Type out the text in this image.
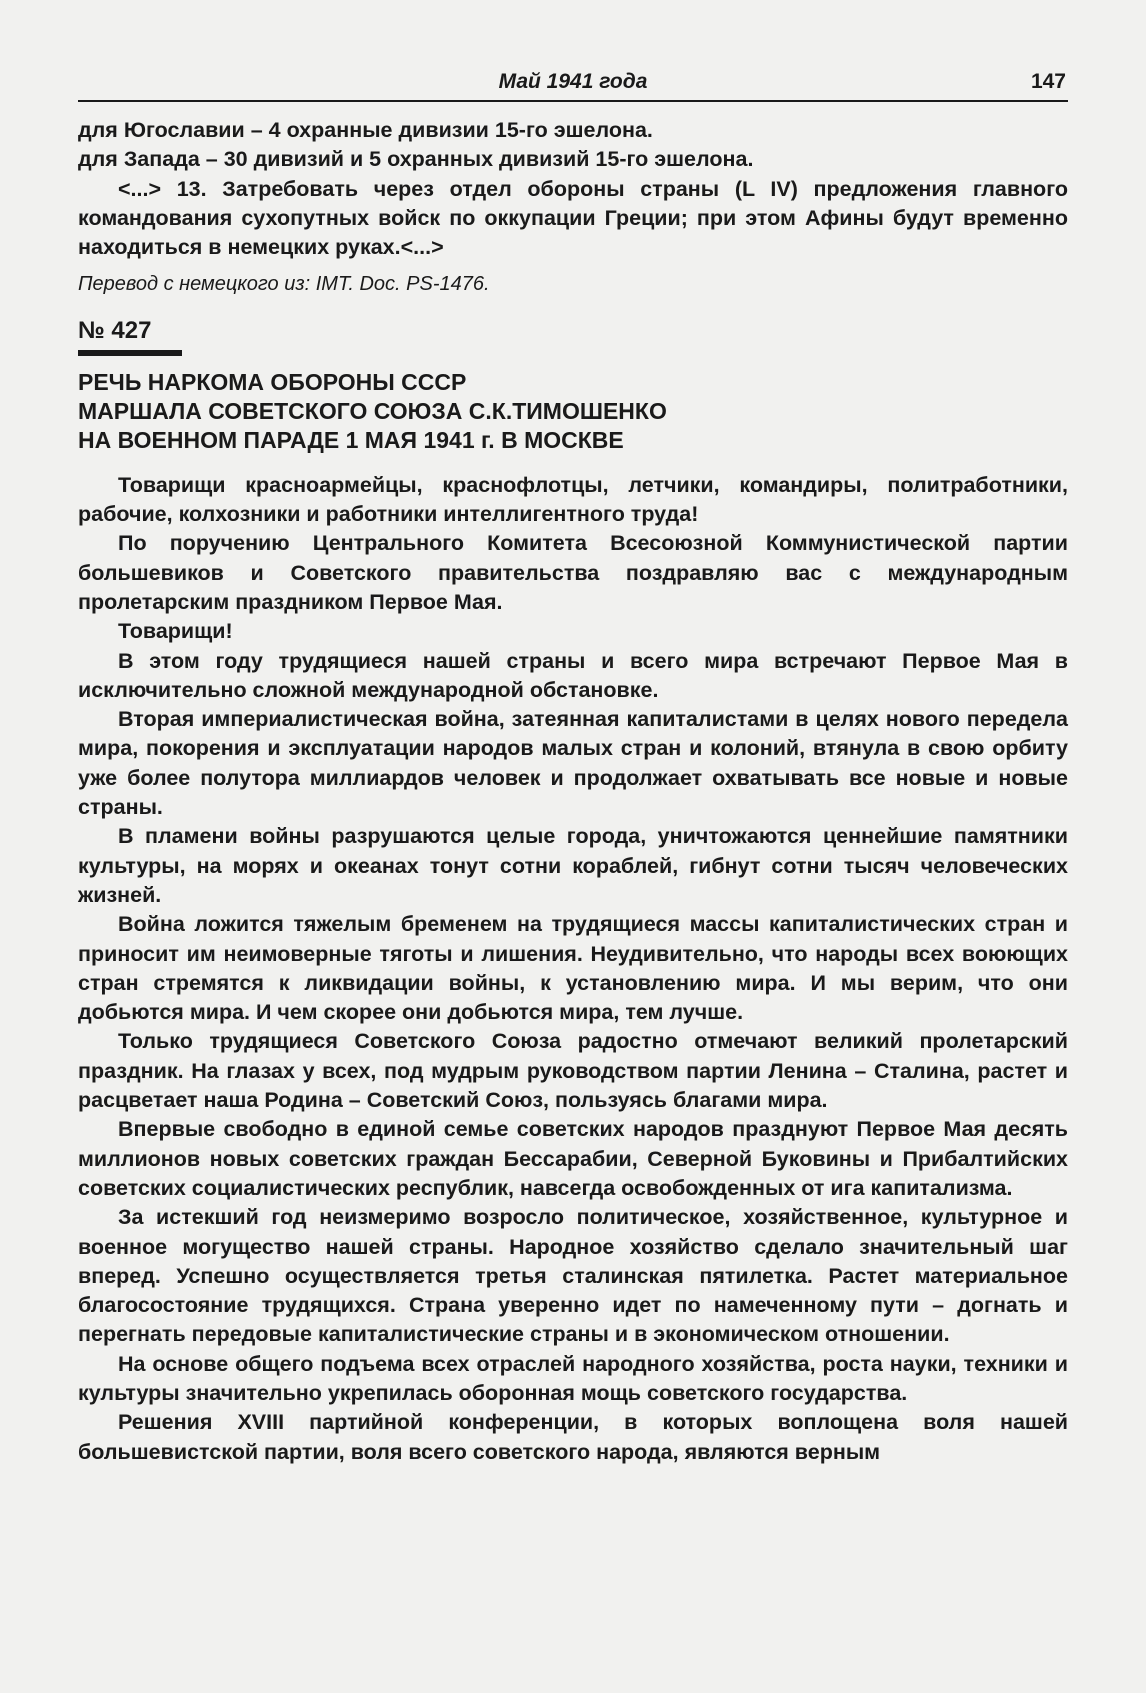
Май 1941 года	147

для Югославии – 4 охранные дивизии 15-го эшелона.

для Запада – 30 дивизий и 5 охранных дивизий 15-го эшелона.

<...> 13. Затребовать через отдел обороны страны (L IV) предложения главного командования сухопутных войск по оккупации Греции; при этом Афины будут временно находиться в немецких руках.<...>

Перевод с немецкого из: IMT. Doc. PS-1476.

№ 427

РЕЧЬ НАРКОМА ОБОРОНЫ СССР
МАРШАЛА СОВЕТСКОГО СОЮЗА С.К.ТИМОШЕНКО
НА ВОЕННОМ ПАРАДЕ 1 МАЯ 1941 г. В МОСКВЕ

Товарищи красноармейцы, краснофлотцы, летчики, командиры, политработники, рабочие, колхозники и работники интеллигентного труда!

По поручению Центрального Комитета Всесоюзной Коммунистической партии большевиков и Советского правительства поздравляю вас с международным пролетарским праздником Первое Мая.

Товарищи!

В этом году трудящиеся нашей страны и всего мира встречают Первое Мая в исключительно сложной международной обстановке.

Вторая империалистическая война, затеянная капиталистами в целях нового передела мира, покорения и эксплуатации народов малых стран и колоний, втянула в свою орбиту уже более полутора миллиардов человек и продолжает охватывать все новые и новые страны.

В пламени войны разрушаются целые города, уничтожаются ценнейшие памятники культуры, на морях и океанах тонут сотни кораблей, гибнут сотни тысяч человеческих жизней.

Война ложится тяжелым бременем на трудящиеся массы капиталистических стран и приносит им неимоверные тяготы и лишения. Неудивительно, что народы всех воюющих стран стремятся к ликвидации войны, к установлению мира. И мы верим, что они добьются мира. И чем скорее они добьются мира, тем лучше.

Только трудящиеся Советского Союза радостно отмечают великий пролетарский праздник. На глазах у всех, под мудрым руководством партии Ленина – Сталина, растет и расцветает наша Родина – Советский Союз, пользуясь благами мира.

Впервые свободно в единой семье советских народов празднуют Первое Мая десять миллионов новых советских граждан Бессарабии, Северной Буковины и Прибалтийских советских социалистических республик, навсегда освобожденных от ига капитализма.

За истекший год неизмеримо возросло политическое, хозяйственное, культурное и военное могущество нашей страны. Народное хозяйство сделало значительный шаг вперед. Успешно осуществляется третья сталинская пятилетка. Растет материальное благосостояние трудящихся. Страна уверенно идет по намеченному пути – догнать и перегнать передовые капиталистические страны и в экономическом отношении.

На основе общего подъема всех отраслей народного хозяйства, роста науки, техники и культуры значительно укрепилась оборонная мощь советского государства.

Решения XVIII партийной конференции, в которых воплощена воля нашей большевистской партии, воля всего советского народа, являются верным
